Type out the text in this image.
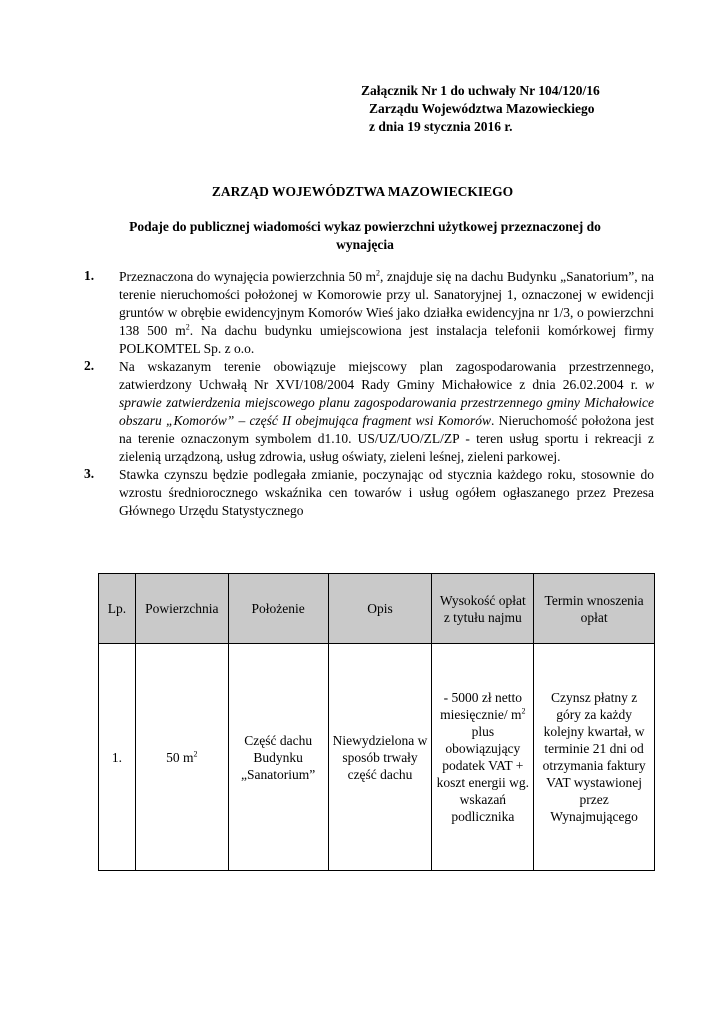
Załącznik Nr 1 do uchwały Nr 104/120/16
Zarządu Województwa Mazowieckiego
z dnia 19 stycznia 2016 r.
ZARZĄD WOJEWÓDZTWA MAZOWIECKIEGO
Podaje do publicznej wiadomości wykaz powierzchni użytkowej przeznaczonej do wynajęcia
1. Przeznaczona do wynajęcia powierzchnia 50 $m^2$, znajduje się na dachu Budynku „Sanatorium”, na terenie nieruchomości położonej w Komorowie przy ul. Sanatoryjnej 1, oznaczonej w ewidencji gruntów w obrębie ewidencyjnym Komorów Wieś jako działka ewidencyjna nr 1/3, o powierzchni 138 500 $m^2$. Na dachu budynku umiejscowiona jest instalacja telefonii komórkowej firmy POLKOMTEL Sp. z o.o.
2. Na wskazanym terenie obowiązuje miejscowy plan zagospodarowania przestrzennego, zatwierdzony Uchwałą Nr XVI/108/2004 Rady Gminy Michałowice z dnia 26.02.2004 r. w sprawie zatwierdzenia miejscowego planu zagospodarowania przestrzennego gminy Michałowice obszaru „Komorów” – część II obejmująca fragment wsi Komorów. Nieruchomość położona jest na terenie oznaczonym symbolem d1.10. US/UZ/UO/ZL/ZP - teren usług sportu i rekreacji z zielenią urządzoną, usług zdrowia, usług oświaty, zieleni leśnej, zieleni parkowej.
3. Stawka czynszu będzie podlegała zmianie, poczynając od stycznia każdego roku, stosownie do wzrostu średniorocznego wskaźnika cen towarów i usług ogółem ogłaszanego przez Prezesa Głównego Urzędu Statystycznego
Lp.	Powierzchnia	Położenie	Opis	Wysokość opłat z tytułu najmu	Termin wnoszenia opłat
1.	50 $m^2$	Część dachu Budynku „Sanatorium”	Niewydzielona w sposób trwały część dachu	- 5000 zł netto miesięcznie/ $m^2$ plus obowiązujący podatek VAT + koszt energii wg. wskazań podlicznika	Czynsz płatny z góry za każdy kolejny kwartał, w terminie 21 dni od otrzymania faktury VAT wystawionej przez Wynajmującego
